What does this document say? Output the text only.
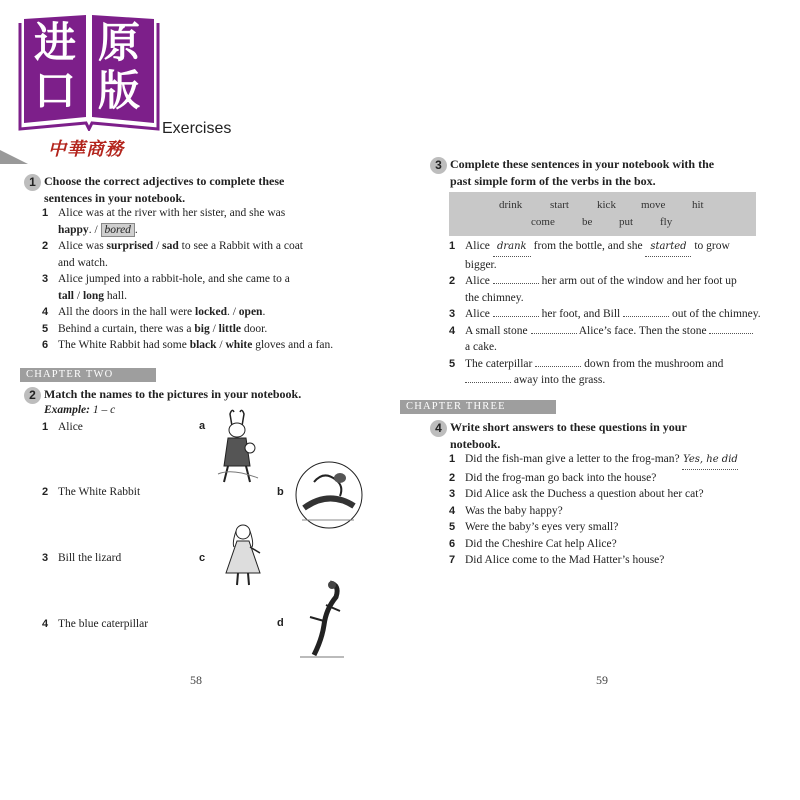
进 原
口 版
中華商務
Exercises
1 Choose the correct adjectives to complete these
sentences in your notebook.
1 Alice was at the river with her sister, and she was
happy. / bored .
2 Alice was surprised / sad to see a Rabbit with a coat
and watch.
3 Alice jumped into a rabbit-hole, and she came to a
tall / long hall.
4 All the doors in the hall were locked. / open.
5 Behind a curtain, there was a big / little door.
6 The White Rabbit had some black / white gloves and a fan.
CHAPTER TWO
2 Match the names to the pictures in your notebook.
Example: 1 – c
1 Alice
2 The White Rabbit
3 Bill the lizard
4 The blue caterpillar
a
b
c
d
58
3 Complete these sentences in your notebook with the
past simple form of the verbs in the box.
drink	start	kick move hit
come be put fly
1 Alice drank from the bottle, and she started to grow
bigger.
2 Alice	her arm out of the window and her foot up
the chimney.
3 Alice	her foot, and Bill	out of the chimney.
4 A small stone	Alice’s face. Then the stone
a cake.
5 The caterpillar	down from the mushroom and
away into the grass.
CHAPTER THREE
4 Write short answers to these questions in your
notebook.
1 Did the fish-man give a letter to the frog-man? Yes, he did
2 Did the frog-man go back into the house?
3 Did Alice ask the Duchess a question about her cat?
4 Was the baby happy?
5 Were the baby’s eyes very small?
6 Did the Cheshire Cat help Alice?
7 Did Alice come to the Mad Hatter’s house?
59
